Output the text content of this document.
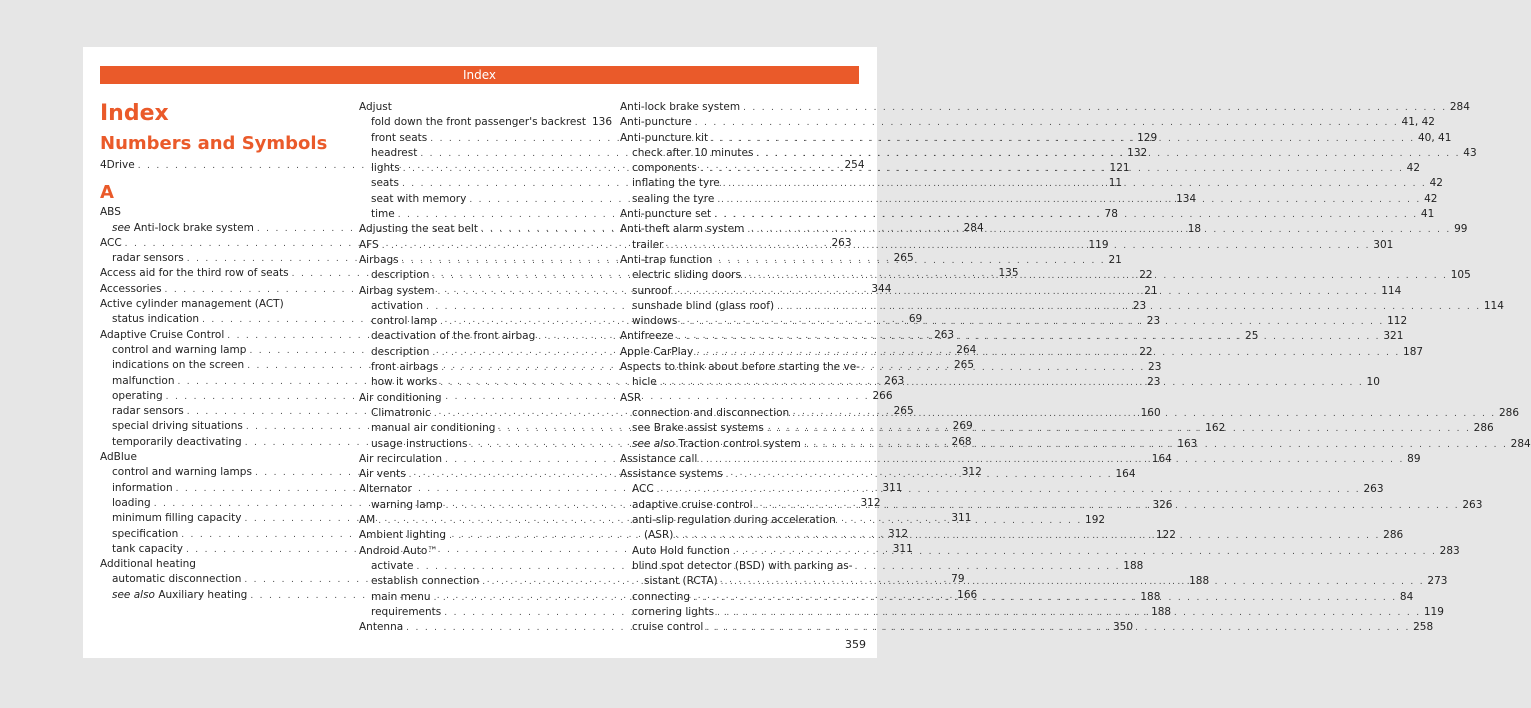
Index
Index
Numbers and Symbols
4Drive . . .	254
A
ABS
see Anti-lock brake system . . .	284
ACC . . .	263
radar sensors . . .	265
Access aid for the third row of seats . . .	135
Accessories . . .	344
Active cylinder management (ACT)
status indication . . .	69
Adaptive Cruise Control . . .	263
control and warning lamp . . .	264
indications on the screen . . .	265
malfunction . . .	263
operating . . .	266
radar sensors . . .	265
special driving situations . . .	269
temporarily deactivating . . .	268
AdBlue
control and warning lamps . . .	312
information . . .	311
loading . . .	312
minimum filling capacity . . .	311
specification . . .	312
tank capacity . . .	311
Additional heating
automatic disconnection . . .	79
see also Auxiliary heating . . .	166
Adjust
fold down the front passenger's backrest 136
front seats . . .	129
headrest . . .	132
lights . . .	121
seats . . .	11
seat with memory . . .	134
time . . .	78
Adjusting the seat belt . . .	18
AFS . . .	119
Airbags . . .	21
description . . .	22
Airbag system . . .	21
activation . . .	23
control lamp . . .	23
deactivation of the front airbag . . .	25
description . . .	22
front airbags . . .	23
how it works . . .	23
Air conditioning
Climatronic . . .	160
manual air conditioning . . .	162
usage instructions . . .	163
Air recirculation . . .	164
Air vents . . .	164
Alternator
warning lamp . . .	326
AM . . .	192
Ambient lighting . . .	122
Android Auto™
activate . . .	188
establish connection . . .	188
main menu . . .	188
requirements . . .	188
Antenna . . .	350
Anti-lock brake system . . .	284
Anti-puncture . . .	41, 42
Anti-puncture kit . . .	40, 41
check after 10 minutes . . .	43
components . . .	42
inflating the tyre . . .	42
sealing the tyre . . .	42
Anti-puncture set . . .	41
Anti-theft alarm system . . .	99
trailer . . .	301
Anti-trap function
electric sliding doors . . .	105
sunroof . . .	114
sunshade blind (glass roof) . . .	114
windows . . .	112
Antifreeze . . .	321
Apple CarPlay . . .	187
Aspects to think about before starting the ve-
hicle . . .	10
ASR
connection and disconnection . . .	286
see Brake assist systems . . .	286
see also Traction control system . . .	284
Assistance call . . .	89
Assistance systems
ACC . . .	263
adaptive cruise control . . .	263
anti-slip regulation during acceleration
(ASR) . . .	286
Auto Hold function . . .	283
blind spot detector (BSD) with parking as-
sistant (RCTA) . . .	273
connecting . . .	84
cornering lights . . .	119
cruise control . . .	258
359
